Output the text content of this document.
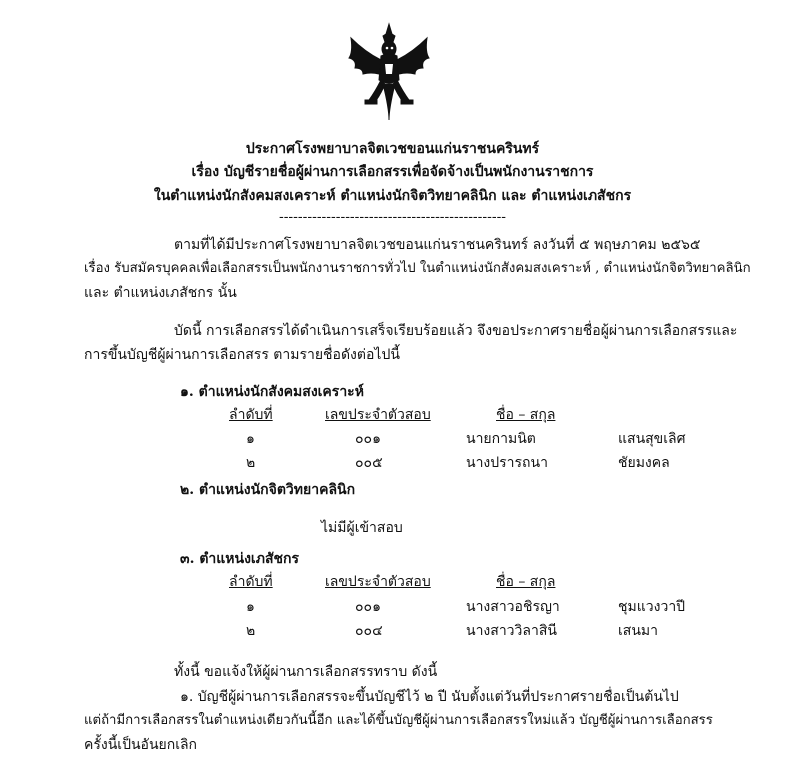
ประกาศโรงพยาบาลจิตเวชขอนแก่นราชนครินทร์
เรื่อง บัญชีรายชื่อผู้ผ่านการเลือกสรรเพื่อจัดจ้างเป็นพนักงานราชการ
ในตำแหน่งนักสังคมสงเคราะห์ ตำแหน่งนักจิตวิทยาคลินิก และ ตำแหน่งเภสัชกร
------------------------------------------------
ตามที่ได้มีประกาศโรงพยาบาลจิตเวชขอนแก่นราชนครินทร์ ลงวันที่ ๕ พฤษภาคม ๒๕๖๕
เรื่อง รับสมัครบุคคลเพื่อเลือกสรรเป็นพนักงานราชการทั่วไป ในตำแหน่งนักสังคมสงเคราะห์ , ตำแหน่งนักจิตวิทยาคลินิก
และ ตำแหน่งเภสัชกร นั้น
บัดนี้ การเลือกสรรได้ดำเนินการเสร็จเรียบร้อยแล้ว จึงขอประกาศรายชื่อผู้ผ่านการเลือกสรรและ
การขึ้นบัญชีผู้ผ่านการเลือกสรร ตามรายชื่อดังต่อไปนี้
๑. ตำแหน่งนักสังคมสงเคราะห์
ลำดับที่	เลขประจำตัวสอบ	ชื่อ – สกุล
๑	๐๐๑	นายกามนิต	แสนสุขเลิศ
๒	๐๐๕	นางปรารถนา	ชัยมงคล
๒. ตำแหน่งนักจิตวิทยาคลินิก
ไม่มีผู้เข้าสอบ
๓. ตำแหน่งเภสัชกร
ลำดับที่	เลขประจำตัวสอบ	ชื่อ – สกุล
๑	๐๐๑	นางสาวอชิรญา	ชุมแวงวาปี
๒	๐๐๔	นางสาววิลาสินี	เสนมา
ทั้งนี้ ขอแจ้งให้ผู้ผ่านการเลือกสรรทราบ ดังนี้
๑. บัญชีผู้ผ่านการเลือกสรรจะขึ้นบัญชีไว้ ๒ ปี นับตั้งแต่วันที่ประกาศรายชื่อเป็นต้นไป
แต่ถ้ามีการเลือกสรรในตำแหน่งเดียวกันนี้อีก และได้ขึ้นบัญชีผู้ผ่านการเลือกสรรใหม่แล้ว บัญชีผู้ผ่านการเลือกสรร
ครั้งนี้เป็นอันยกเลิก
